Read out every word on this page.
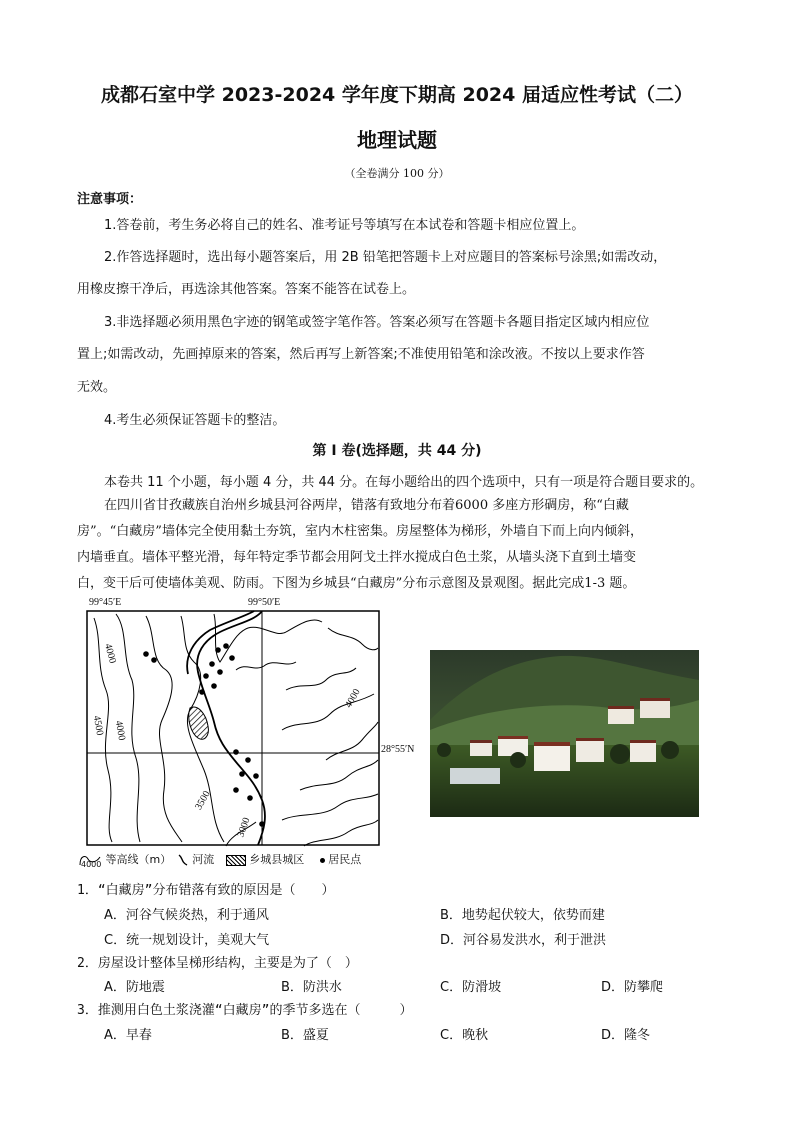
成都石室中学 2023-2024 学年度下期高 2024 届适应性考试（二）
地理试题
（全卷满分 100 分）
注意事项：
1.答卷前，考生务必将自己的姓名、准考证号等填写在本试卷和答题卡相应位置上。
2.作答选择题时，选出每小题答案后，用 2B 铅笔把答题卡上对应题目的答案标号涂黑;如需改动，
用橡皮擦干净后，再选涂其他答案。答案不能答在试卷上。
3.非选择题必须用黑色字迹的钢笔或签字笔作答。答案必须写在答题卡各题目指定区域内相应位
置上;如需改动，先画掉原来的答案，然后再写上新答案;不准使用铅笔和涂改液。不按以上要求作答
无效。
4.考生必须保证答题卡的整洁。
第 I 卷(选择题，共 44 分)
本卷共 11 个小题，每小题 4 分，共 44 分。在每小题给出的四个选项中，只有一项是符合题目要求的。
在四川省甘孜藏族自治州乡城县河谷两岸，错落有致地分布着6000 多座方形碉房，称“白藏
房”。“白藏房”墙体完全使用黏土夯筑，室内木柱密集。房屋整体为梯形，外墙自下而上向内倾斜，
内墙垂直。墙体平整光滑，每年特定季节都会用阿戈土拌水搅成白色土浆，从墙头浇下直到土墙变
白，变干后可使墙体美观、防雨。下图为乡城县“白藏房”分布示意图及景观图。据此完成1-3 题。
99°45′E	99°50′E
28°55′N
4000
4500 4000
4000
3500
3000
4000 等高线（m） 河流	乡城县城区 居民点
1．“白藏房”分布错落有致的原因是（　　）
A．河谷气候炎热，利于通风	B．地势起伏较大，依势而建
C．统一规划设计，美观大气	D．河谷易发洪水，利于泄洪
2．房屋设计整体呈梯形结构，主要是为了（　）
A．防地震	B．防洪水	C．防滑坡	D．防攀爬
3．推测用白色土浆浇灌“白藏房”的季节多选在（　　　）
A．早春	B．盛夏	C．晚秋	D．隆冬
